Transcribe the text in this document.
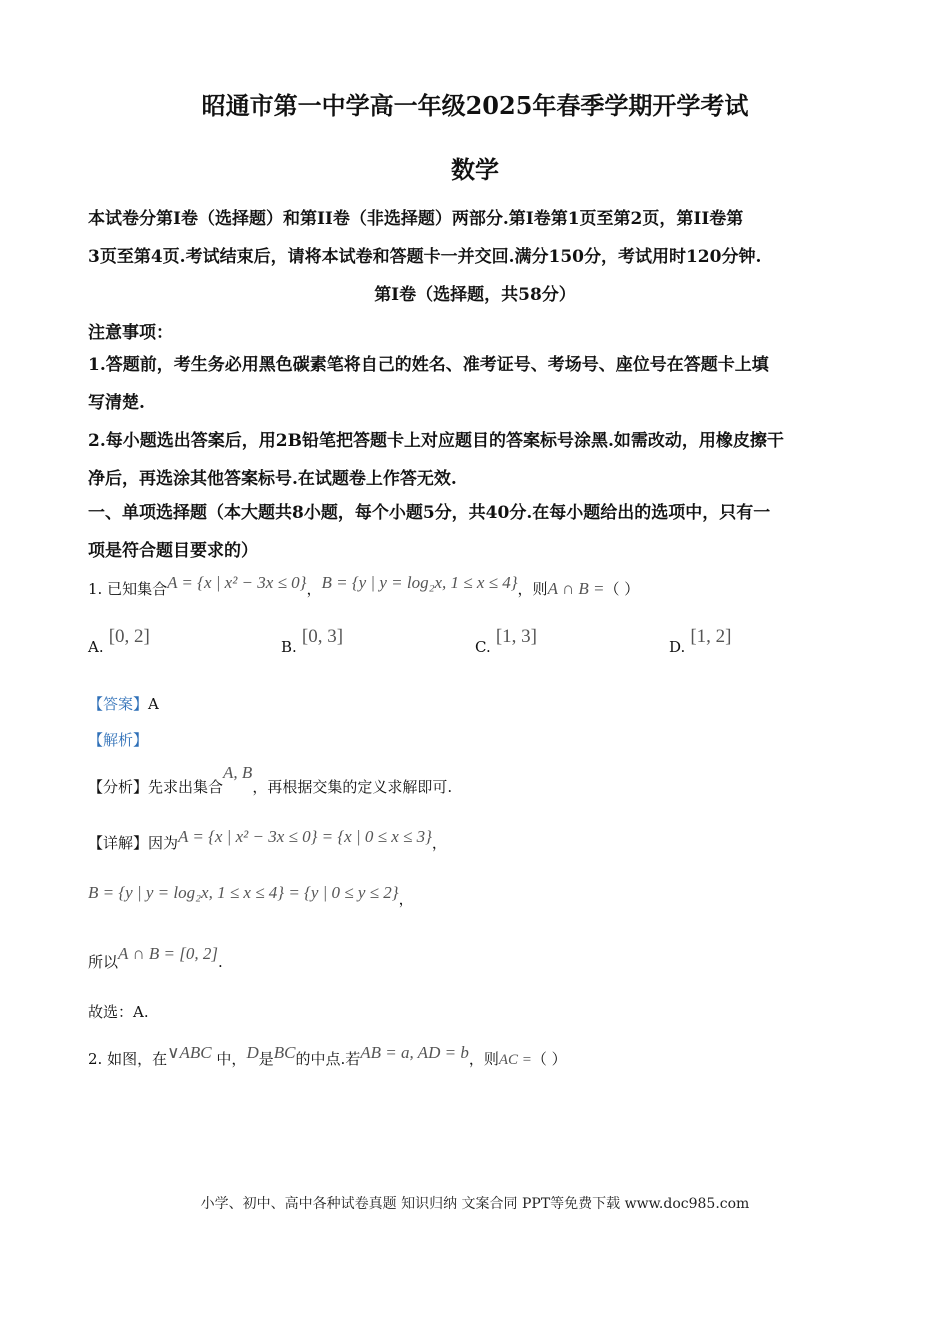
昭通市第一中学高一年级2025年春季学期开学考试
数学
本试卷分第I卷（选择题）和第II卷（非选择题）两部分.第I卷第1页至第2页，第II卷第
3页至第4页.考试结束后，请将本试卷和答题卡一并交回.满分150分，考试用时120分钟.
第I卷（选择题，共58分）
注意事项：
1.答题前，考生务必用黑色碳素笔将自己的姓名、准考证号、考场号、座位号在答题卡上填
写清楚.
2.每小题选出答案后，用2B铅笔把答题卡上对应题目的答案标号涂黑.如需改动，用橡皮擦干
净后，再选涂其他答案标号.在试题卷上作答无效.
一、单项选择题（本大题共8小题，每个小题5分，共40分.在每小题给出的选项中，只有一
项是符合题目要求的）
1. 已知集合A = {x | x² − 3x ≤ 0}，B = {y | y = log₂x, 1 ≤ x ≤ 4}，则A ∩ B =（ ）
A. [0, 2]	B. [0, 3]	C. [1, 3]	D. [1, 2]
【答案】A
【解析】
【分析】先求出集合A, B，再根据交集的定义求解即可.
【详解】因为A = {x | x² − 3x ≤ 0} = {x | 0 ≤ x ≤ 3}，
B = {y | y = log₂x, 1 ≤ x ≤ 4} = {y | 0 ≤ y ≤ 2}，
所以A ∩ B = [0, 2].
故选：A.
2. 如图，在∨ABC 中，D是BC的中点.若AB = a, AD = b，则AC =（ ）
小学、初中、高中各种试卷真题 知识归纳 文案合同 PPT等免费下载 www.doc985.com
